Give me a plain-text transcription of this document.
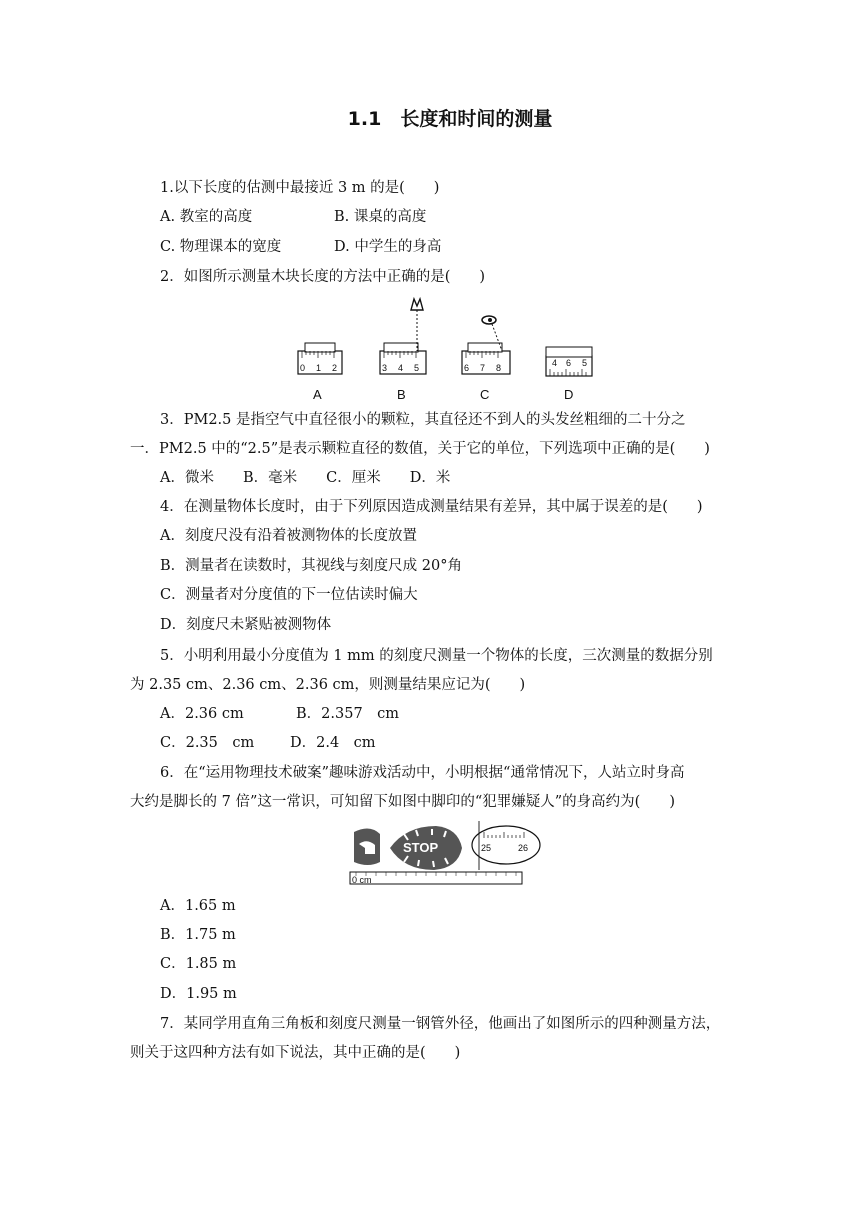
1.1　长度和时间的测量
1.以下长度的估测中最接近 3 m 的是(　　)
A. 教室的高度	B. 课桌的高度
C. 物理课本的宽度	D. 中学生的身高
2．如图所示测量木块长度的方法中正确的是(　　)
0 1 2	3 4 5	6 7 8	4 6 5
A	B	C	D
3．PM2.5 是指空气中直径很小的颗粒，其直径还不到人的头发丝粗细的二十分之
一．PM2.5 中的“2.5”是表示颗粒直径的数值，关于它的单位，下列选项中正确的是(　　)
A．微米　　B．毫米　　C．厘米　　D．米
4．在测量物体长度时，由于下列原因造成测量结果有差异，其中属于误差的是(　　)
A．刻度尺没有沿着被测物体的长度放置
B．测量者在读数时，其视线与刻度尺成 20°角
C．测量者对分度值的下一位估读时偏大
D．刻度尺未紧贴被测物体
5．小明利用最小分度值为 1 mm 的刻度尺测量一个物体的长度，三次测量的数据分别
为 2.35 cm、2.36 cm、2.36 cm，则测量结果应记为(　　)
A．2.36 cm	B．2.357　cm
C．2.35　cm D．2.4　cm
6．在“运用物理技术破案”趣味游戏活动中，小明根据“通常情况下，人站立时身高
大约是脚长的 7 倍”这一常识，可知留下如图中脚印的“犯罪嫌疑人”的身高约为(　　)
STOP	25	26
0 cm
A．1.65 m
B．1.75 m
C．1.85 m
D．1.95 m
7．某同学用直角三角板和刻度尺测量一钢管外径，他画出了如图所示的四种测量方法，
则关于这四种方法有如下说法，其中正确的是(　　)
